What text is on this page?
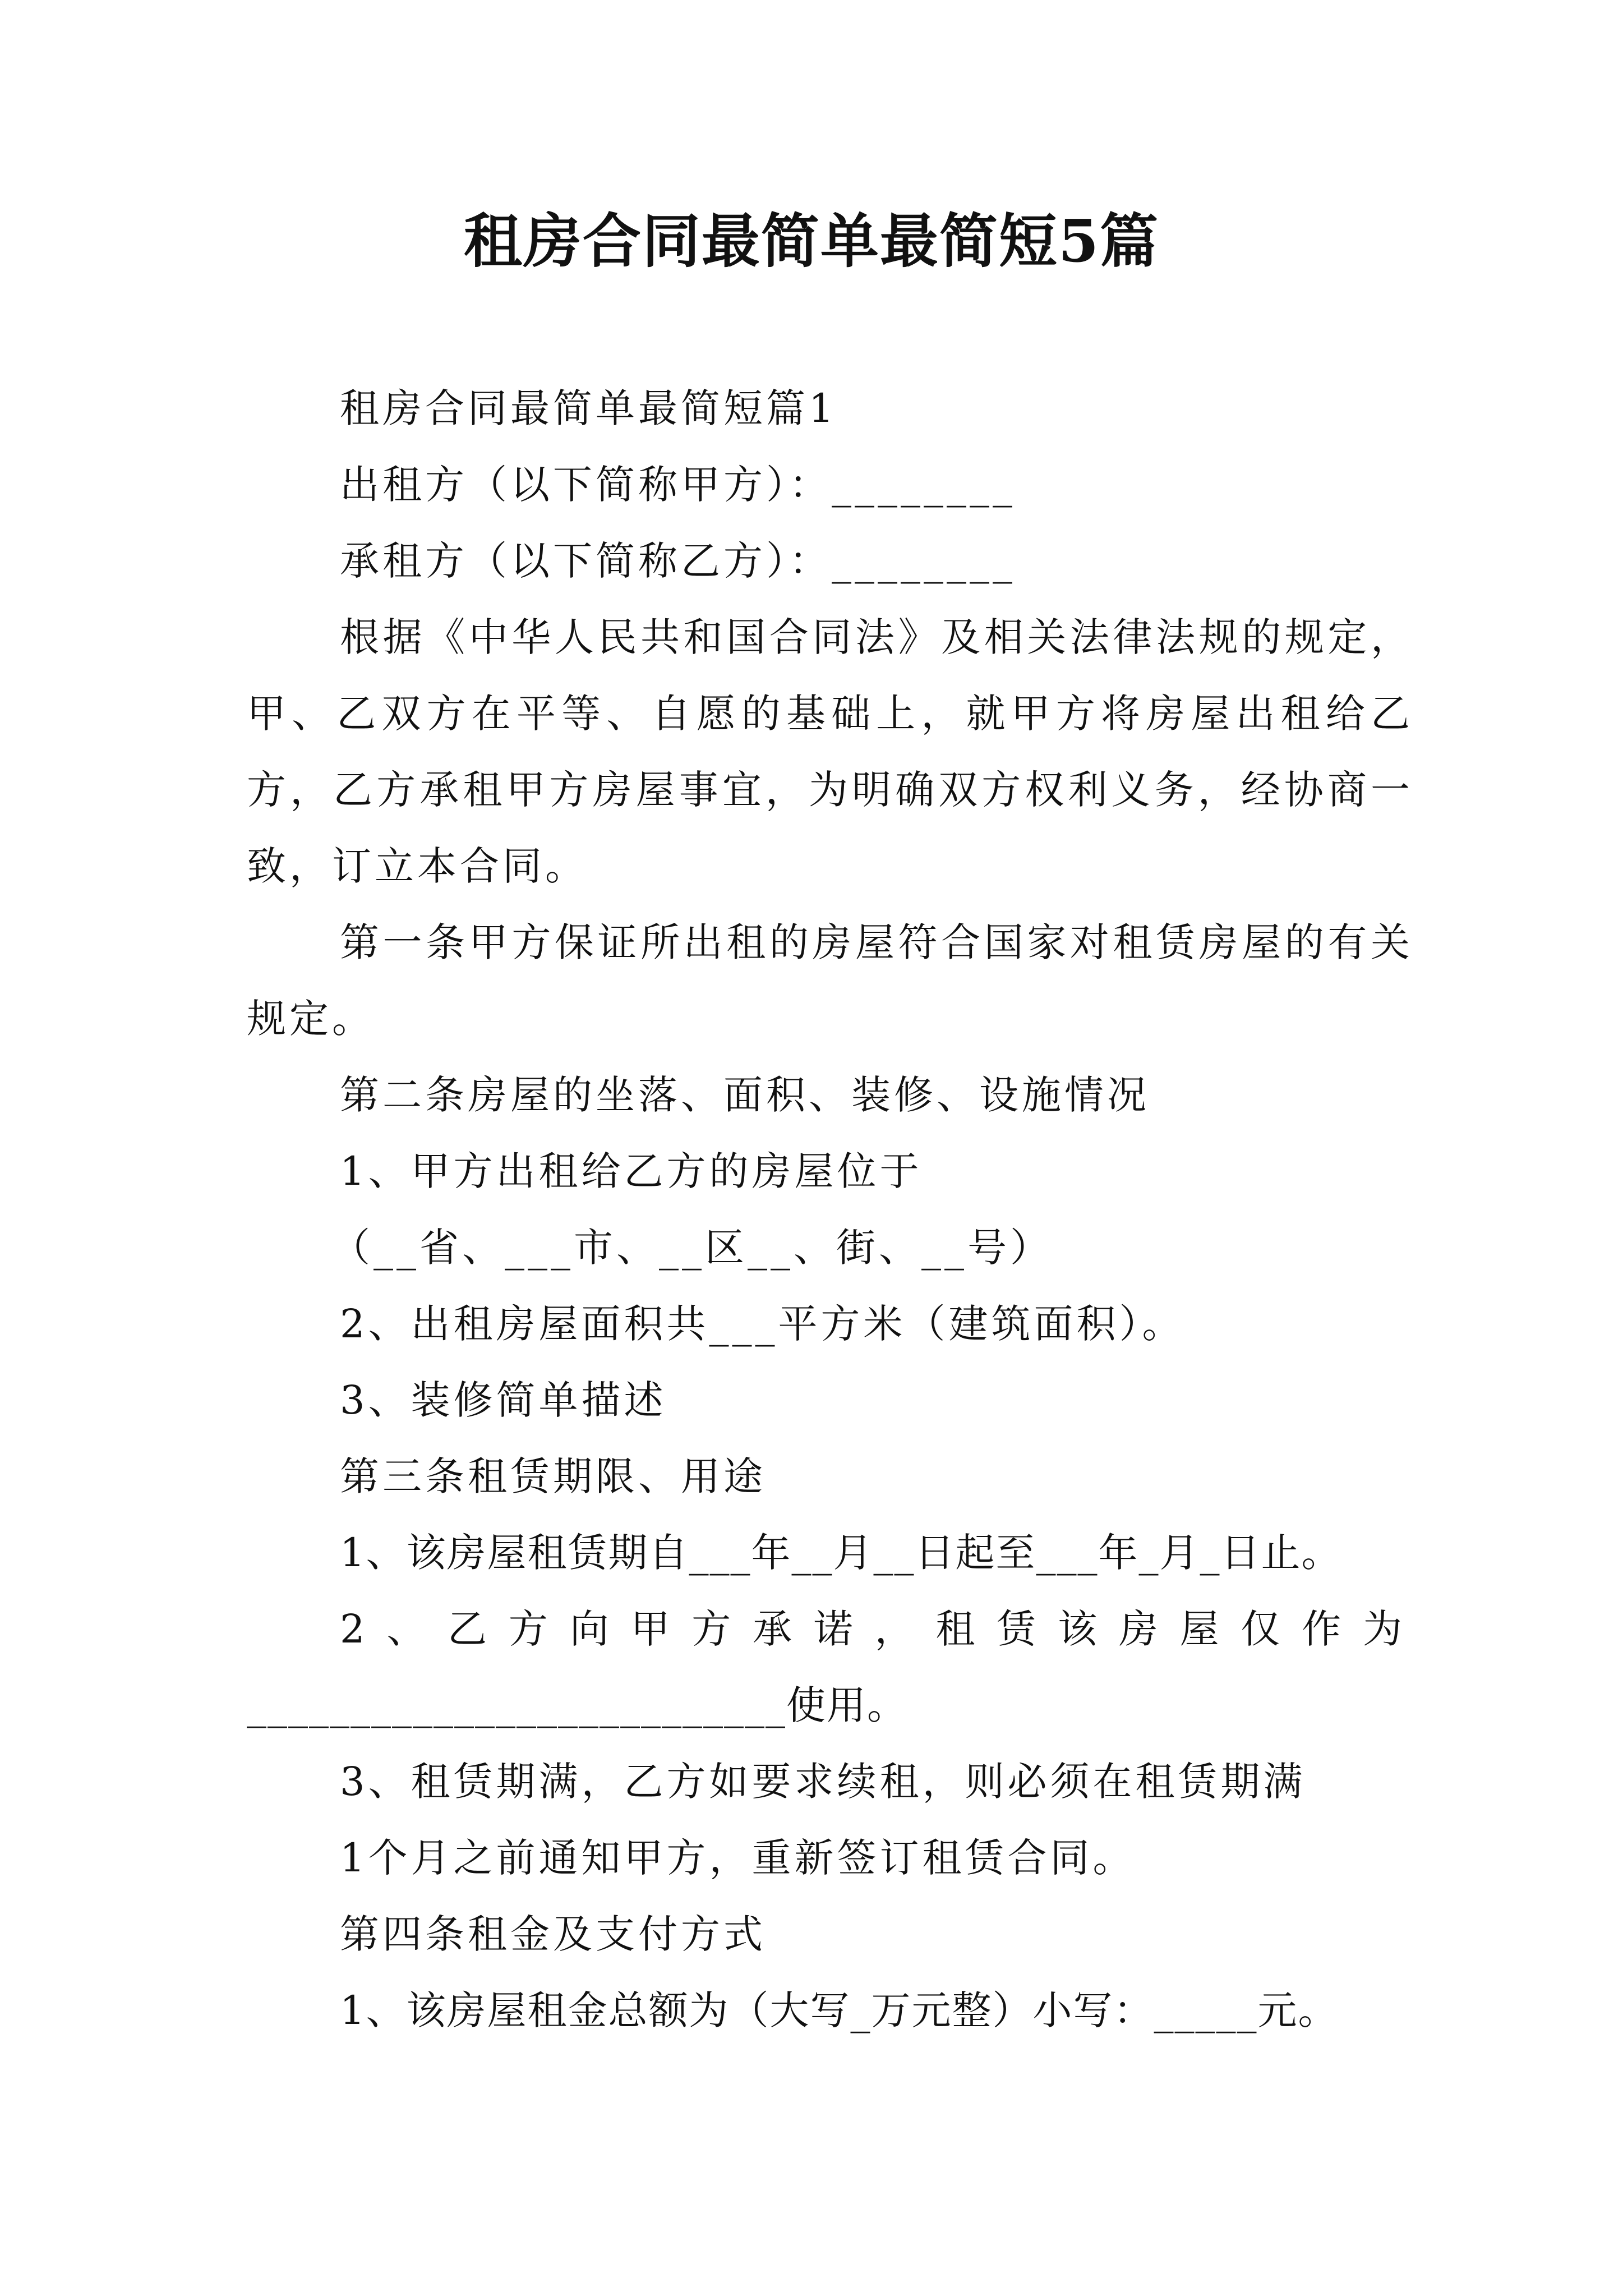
租房合同最简单最简短5篇

租房合同最简单最简短篇1

出租方（以下简称甲方）：________

承租方（以下简称乙方）：________

根据《中华人民共和国合同法》及相关法律法规的规定，甲、乙双方在平等、自愿的基础上，就甲方将房屋出租给乙方，乙方承租甲方房屋事宜，为明确双方权利义务，经协商一致，订立本合同。

第一条甲方保证所出租的房屋符合国家对租赁房屋的有关规定。

第二条房屋的坐落、面积、装修、设施情况

1、甲方出租给乙方的房屋位于

（__省、___市、__区__、街、__号）

2、出租房屋面积共___平方米（建筑面积）。

3、装修简单描述

第三条租赁期限、用途

1、该房屋租赁期自___年__月__日起至___年_月_日止。

2、乙方向甲方承诺，租赁该房屋仅作为

__________________________使用。

3、租赁期满，乙方如要求续租，则必须在租赁期满

1个月之前通知甲方，重新签订租赁合同。

第四条租金及支付方式

1、该房屋租金总额为（大写_万元整）小写：_____元。
